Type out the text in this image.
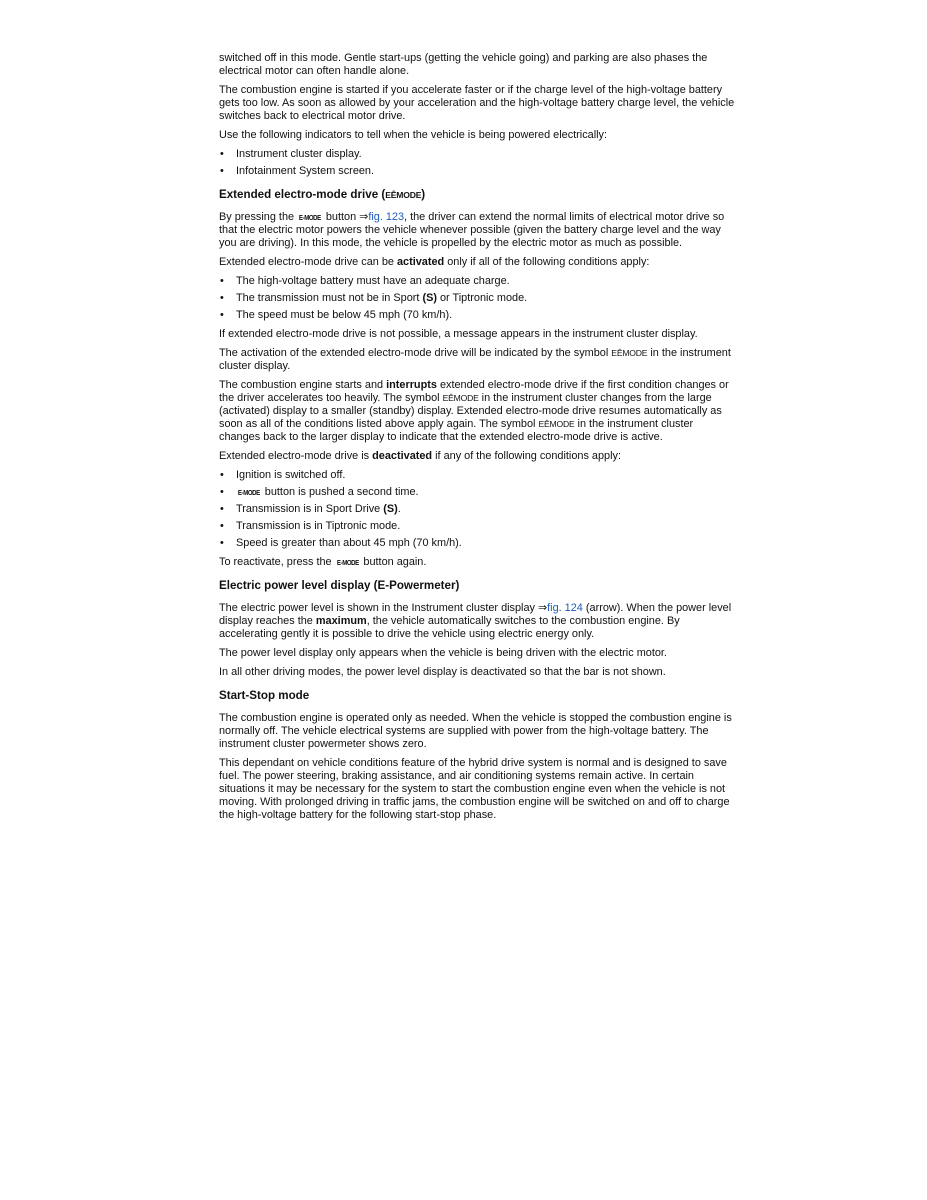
switched off in this mode. Gentle start-ups (getting the vehicle going) and parking are also phases the electrical motor can often handle alone.

The combustion engine is started if you accelerate faster or if the charge level of the high-voltage battery gets too low. As soon as allowed by your acceleration and the high-voltage battery charge level, the vehicle switches back to electrical motor drive.

Use the following indicators to tell when the vehicle is being powered electrically:

• Instrument cluster display.
• Infotainment System screen.
Extended electro-mode drive (EÊMODE)

By pressing the E-MODE button ⇒fig. 123, the driver can extend the normal limits of electrical motor drive so that the electric motor powers the vehicle whenever possible (given the battery charge level and the way you are driving). In this mode, the vehicle is propelled by the electric motor as much as possible.

Extended electro-mode drive can be activated only if all of the following conditions apply:

• The high-voltage battery must have an adequate charge.
• The transmission must not be in Sport (S) or Tiptronic mode.
• The speed must be below 45 mph (70 km/h).

If extended electro-mode drive is not possible, a message appears in the instrument cluster display.

The activation of the extended electro-mode drive will be indicated by the symbol EÊMODE in the instrument cluster display.

The combustion engine starts and interrupts extended electro-mode drive if the first condition changes or the driver accelerates too heavily. The symbol EÊMODE in the instrument cluster changes from the large (activated) display to a smaller (standby) display. Extended electro-mode drive resumes automatically as soon as all of the conditions listed above apply again. The symbol EÊMODE in the instrument cluster changes back to the larger display to indicate that the extended electro-mode drive is active.

Extended electro-mode drive is deactivated if any of the following conditions apply:

• Ignition is switched off.
• E-MODE button is pushed a second time.
• Transmission is in Sport Drive (S).
• Transmission is in Tiptronic mode.
• Speed is greater than about 45 mph (70 km/h).

To reactivate, press the E-MODE button again.

Electric power level display (E-Powermeter)

The electric power level is shown in the Instrument cluster display ⇒fig. 124 (arrow). When the power level display reaches the maximum, the vehicle automatically switches to the combustion engine. By accelerating gently it is possible to drive the vehicle using electric energy only.

The power level display only appears when the vehicle is being driven with the electric motor.

In all other driving modes, the power level display is deactivated so that the bar is not shown.

Start-Stop mode

The combustion engine is operated only as needed. When the vehicle is stopped the combustion engine is normally off. The vehicle electrical systems are supplied with power from the high-voltage battery. The instrument cluster powermeter shows zero.

This dependant on vehicle conditions feature of the hybrid drive system is normal and is designed to save fuel. The power steering, braking assistance, and air conditioning systems remain active. In certain situations it may be necessary for the system to start the combustion engine even when the vehicle is not moving. With prolonged driving in traffic jams, the combustion engine will be switched on and off to charge the high-voltage battery for the following start-stop phase.
